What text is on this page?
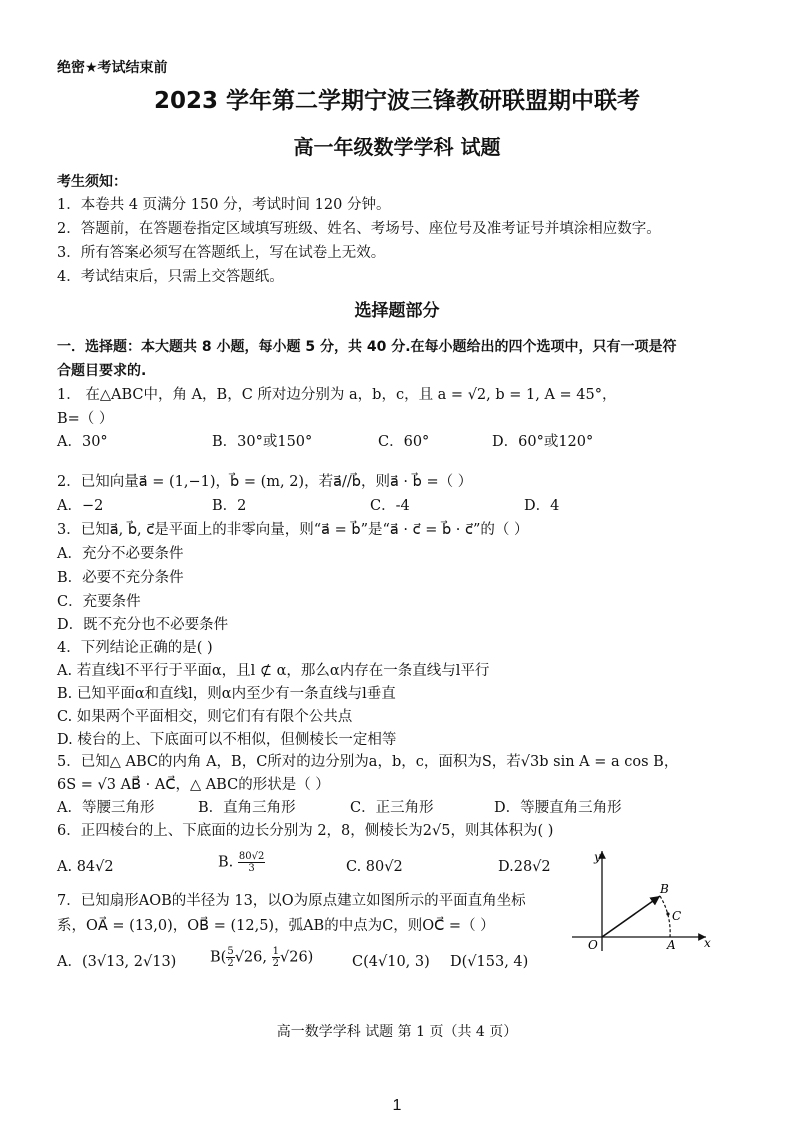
绝密★考试结束前
2023 学年第二学期宁波三锋教研联盟期中联考
高一年级数学学科 试题
考生须知：
1．本卷共 4 页满分 150 分，考试时间 120 分钟。
2．答题前，在答题卷指定区域填写班级、姓名、考场号、座位号及准考证号并填涂相应数字。
3．所有答案必须写在答题纸上，写在试卷上无效。
4．考试结束后，只需上交答题纸。
选择题部分
一．选择题：本大题共 8 小题，每小题 5 分，共 40 分.在每小题给出的四个选项中，只有一项是符
合题目要求的.
1． 在△ABC中，角 A，B，C 所对边分别为 a，b，c，且 a = √2, b = 1, A = 45°，
B=（ ）
A．30°	B．30°或150°	C．60°	D．60°或120°
2．已知向量a⃗ = (1,−1)，b⃗ = (m, 2)，若a⃗//b⃗，则a⃗ · b⃗ =（ ）
A．−2	B．2	C．-4	D．4
3．已知a⃗, b⃗, c⃗是平面上的非零向量，则“a⃗ = b⃗”是“a⃗ · c⃗ = b⃗ · c⃗”的（ ）
A．充分不必要条件
B．必要不充分条件
C．充要条件
D．既不充分也不必要条件
4．下列结论正确的是( )
A. 若直线l不平行于平面α，且l ⊄ α，那么α内存在一条直线与l平行
B. 已知平面α和直线l，则α内至少有一条直线与l垂直
C. 如果两个平面相交，则它们有有限个公共点
D. 棱台的上、下底面可以不相似，但侧棱长一定相等
5．已知△ ABC的内角 A，B，C所对的边分别为a，b，c，面积为S，若√3b sin A = a cos B，
6S = √3 AB⃗ · AC⃗，△ ABC的形状是（ ）
A．等腰三角形	B．直角三角形	C．正三角形	D．等腰直角三角形
6．正四棱台的上、下底面的边长分别为 2，8，侧棱长为2√5，则其体积为( )
A. 84√2	B. $\frac{80√2}{3}$	C. 80√2	D.28√2
7．已知扇形AOB的半径为 13，以O为原点建立如图所示的平面直角坐标
系，OA⃗ = (13,0)，OB⃗ = (12,5)，弧AB的中点为C，则OC⃗ =（ ）
A．(3√13, 2√13) $B( \frac{5}{2} √26$, $\frac{1}{2} √26$)	C(4√10, 3) D(√153, 4)
y
x
O	A
B
C
高一数学学科 试题 第 1 页（共 4 页）
1
